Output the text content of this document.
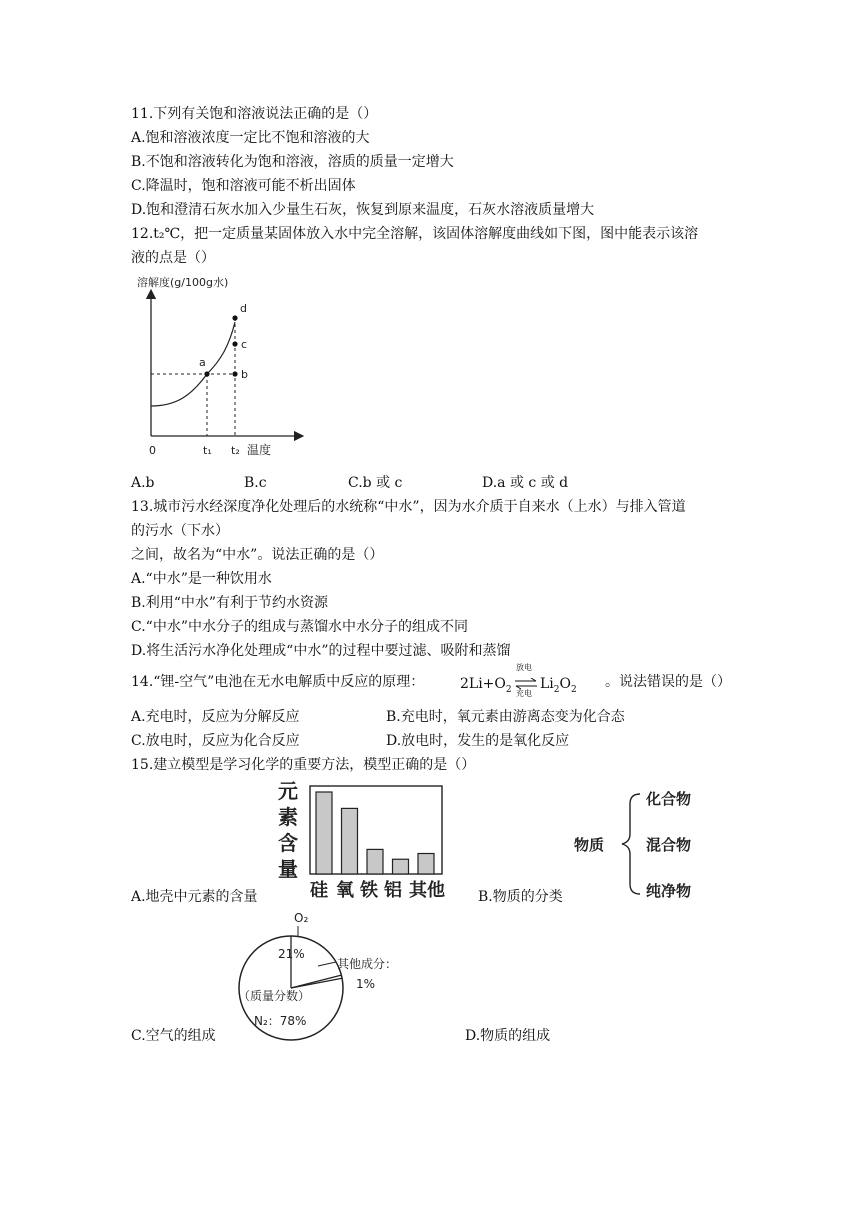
11.下列有关饱和溶液说法正确的是（）
A.饱和溶液浓度一定比不饱和溶液的大
B.不饱和溶液转化为饱和溶液，溶质的质量一定增大
C.降温时，饱和溶液可能不析出固体
D.饱和澄清石灰水加入少量生石灰，恢复到原来温度，石灰水溶液质量增大
12.t₂℃，把一定质量某固体放入水中完全溶解，该固体溶解度曲线如下图，图中能表示该溶
液的点是（）
溶解度(g/100g水)
a
b
c
d
0	t₁ t₂ 温度
A.b	B.c	C.b 或 c	D.a 或 c 或 d
13.城市污水经深度净化处理后的水统称“中水”，因为水介质于自来水（上水）与排入管道
的污水（下水）
之间，故名为“中水”。说法正确的是（）
A.“中水”是一种饮用水
B.利用“中水”有利于节约水资源
C.“中水”中水分子的组成与蒸馏水中水分子的组成不同
D.将生活污水净化处理成“中水”的过程中要过滤、吸附和蒸馏
14.“锂-空气”电池在无水电解质中反应的原理：	$2Li+O_2$
放电
充电
$Li_2O_2$ 。说法错误的是（）
A.充电时，反应为分解反应	B.充电时，氧元素由游离态变为化合态
C.放电时，反应为化合反应	D.放电时，发生的是氧化反应
15.建立模型是学习化学的重要方法，模型正确的是（）
元
素
含
量
硅 氧 铁 铝 其他
A.地壳中元素的含量
物质
化合物
混合物
纯净物
B.物质的分类
O₂
21%
其他成分：
1%
（质量分数）
N₂：78%
C.空气的组成	D.物质的组成
